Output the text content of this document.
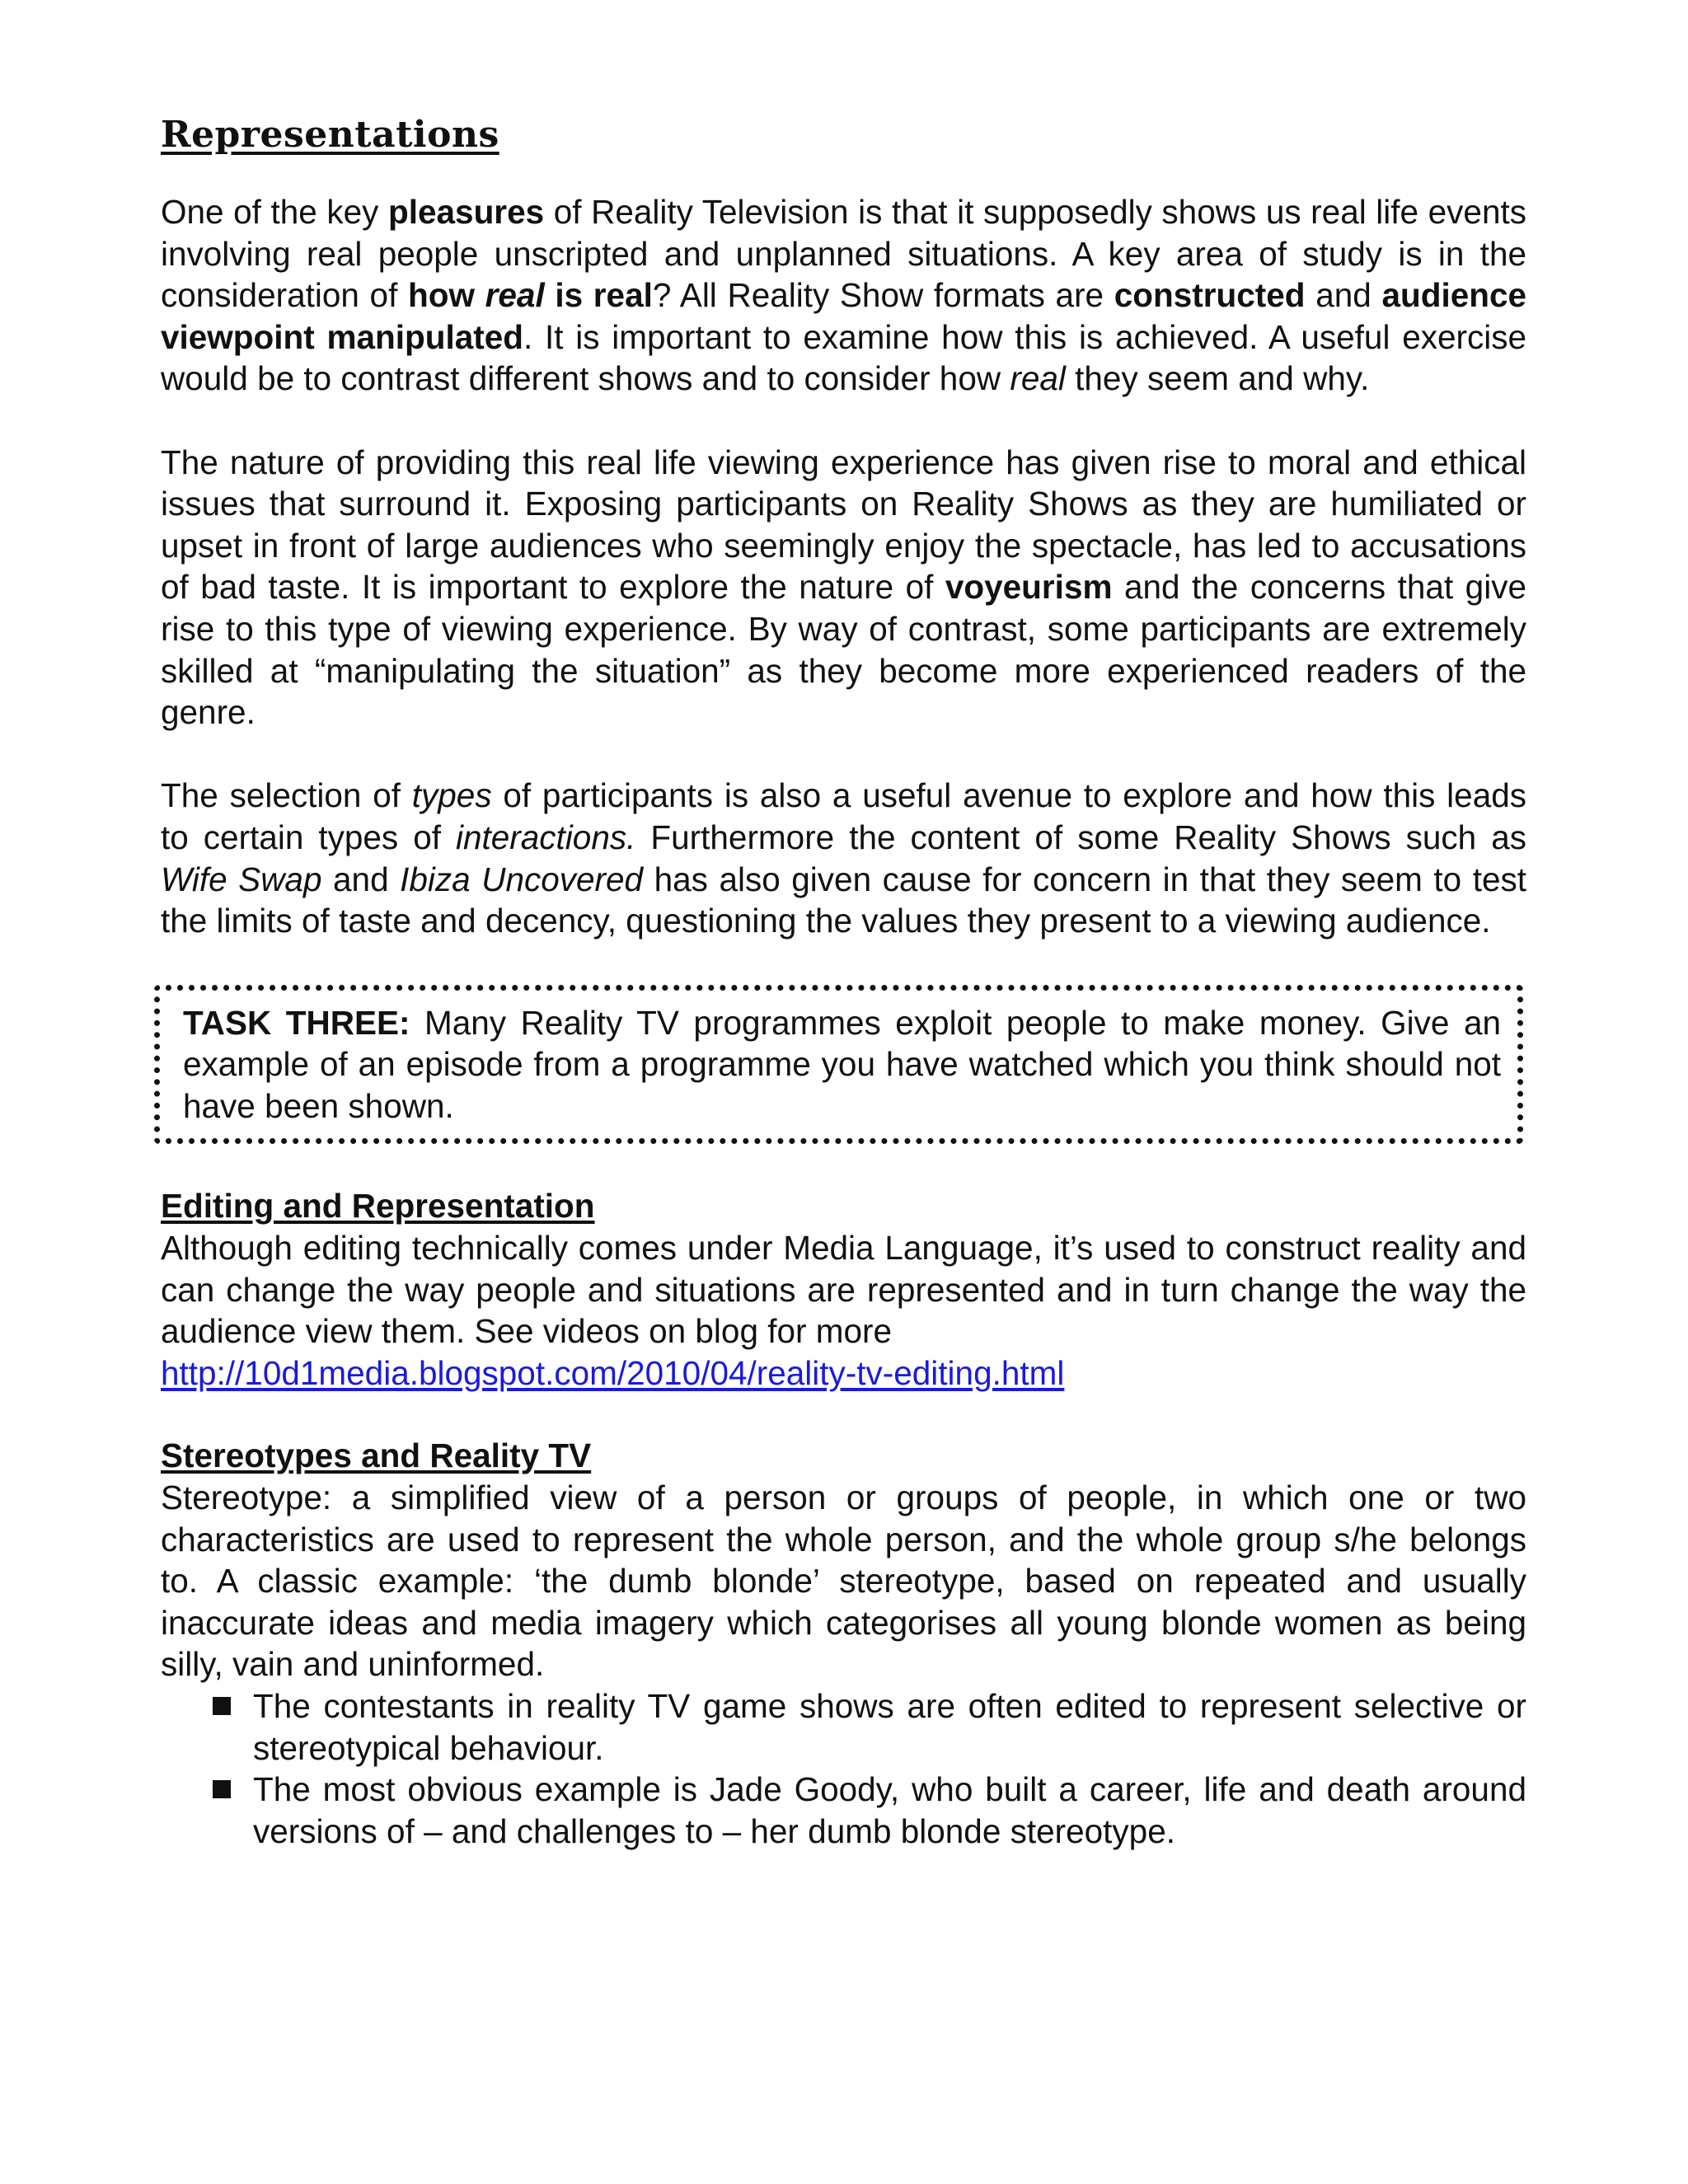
Representations

One of the key pleasures of Reality Television is that it supposedly shows us real life events involving real people unscripted and unplanned situations. A key area of study is in the consideration of how real is real? All Reality Show formats are constructed and audience viewpoint manipulated. It is important to examine how this is achieved. A useful exercise would be to contrast different shows and to consider how real they seem and why.

The nature of providing this real life viewing experience has given rise to moral and ethical issues that surround it. Exposing participants on Reality Shows as they are humiliated or upset in front of large audiences who seemingly enjoy the spectacle, has led to accusations of bad taste. It is important to explore the nature of voyeurism and the concerns that give rise to this type of viewing experience. By way of contrast, some participants are extremely skilled at “manipulating the situation” as they become more experienced readers of the genre.

The selection of types of participants is also a useful avenue to explore and how this leads to certain types of interactions. Furthermore the content of some Reality Shows such as Wife Swap and Ibiza Uncovered has also given cause for concern in that they seem to test the limits of taste and decency, questioning the values they present to a viewing audience.

TASK THREE: Many Reality TV programmes exploit people to make money. Give an example of an episode from a programme you have watched which you think should not have been shown.
Editing and Representation

Although editing technically comes under Media Language, it’s used to construct reality and can change the way people and situations are represented and in turn change the way the audience view them. See videos on blog for more
http://10d1media.blogspot.com/2010/04/reality-tv-editing.html

Stereotypes and Reality TV

Stereotype: a simplified view of a person or groups of people, in which one or two characteristics are used to represent the whole person, and the whole group s/he belongs to. A classic example: ‘the dumb blonde’ stereotype, based on repeated and usually inaccurate ideas and media imagery which categorises all young blonde women as being silly, vain and uninformed.

The contestants in reality TV game shows are often edited to represent selective or stereotypical behaviour.
The most obvious example is Jade Goody, who built a career, life and death around versions of – and challenges to – her dumb blonde stereotype.
